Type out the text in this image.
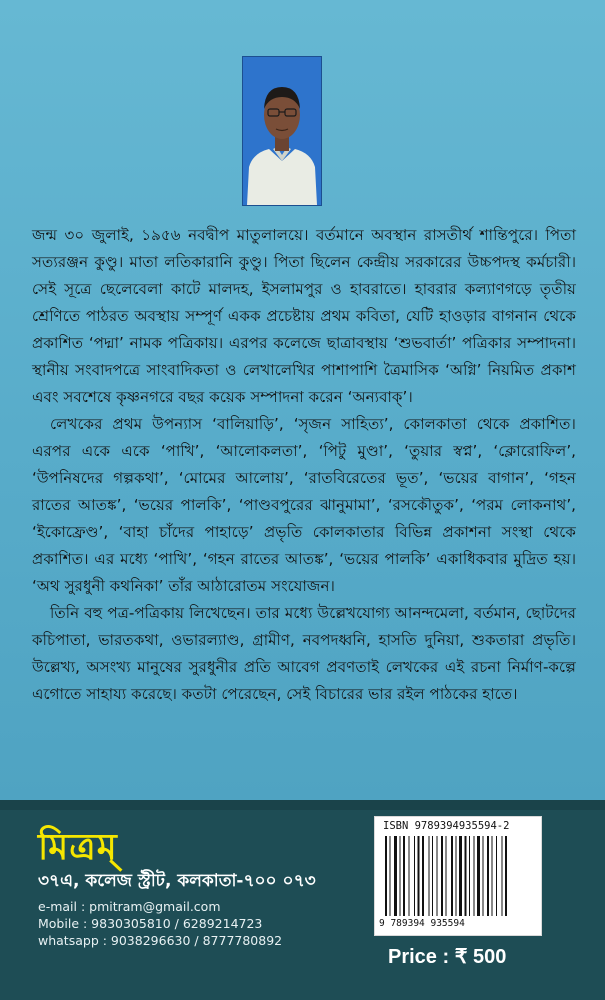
জন্ম ৩০ জুলাই, ১৯৫৬ নবদ্বীপ মাতুলালয়ে। বর্তমানে অবস্থান রাসতীর্থ শান্তিপুরে। পিতা সত্যরঞ্জন কুণ্ডু। মাতা লতিকারানি কুণ্ডু। পিতা ছিলেন কেন্দ্রীয় সরকারের উচ্চপদস্থ কর্মচারী। সেই সূত্রে ছেলেবেলা কাটে মালদহ, ইসলামপুর ও হাবরাতে। হাবরার কল্যাণগড়ে তৃতীয় শ্রেণিতে পাঠরত অবস্থায় সম্পূর্ণ একক প্রচেষ্টায় প্রথম কবিতা, যেটি হাওড়ার বাগনান থেকে প্রকাশিত ‘পদ্মা’ নামক পত্রিকায়। এরপর কলেজে ছাত্রাবস্থায় ‘শুভবার্তা’ পত্রিকার সম্পাদনা। স্থানীয় সংবাদপত্রে সাংবাদিকতা ও লেখালেখির পাশাপাশি ত্রৈমাসিক ‘অগ্নি’ নিয়মিত প্রকাশ এবং সবশেষে কৃষ্ণনগরে বছর কয়েক সম্পাদনা করেন ‘অন্যবাক্’।

লেখকের প্রথম উপন্যাস ‘বালিয়াড়ি’, ‘সৃজন সাহিত্য’, কোলকাতা থেকে প্রকাশিত। এরপর একে একে ‘পাখি’, ‘আলোকলতা’, ‘পিটু মুণ্ডা’, ‘তুয়ার স্বপ্ন’, ‘ক্লোরোফিল’, ‘উপনিষদের গল্পকথা’, ‘মোমের আলোয়’, ‘রাতবিরেতের ভূত’, ‘ভয়ের বাগান’, ‘গহন রাতের আতঙ্ক’, ‘ভয়ের পালকি’, ‘পাণ্ডবপুরের ঝানুমামা’, ‘রসকৌতুক’, ‘পরম লোকনাথ’, ‘ইকোফ্রেণ্ড’, ‘বাহা চাঁদের পাহাড়ে’ প্রভৃতি কোলকাতার বিভিন্ন প্রকাশনা সংস্থা থেকে প্রকাশিত। এর মধ্যে ‘পাখি’, ‘গহন রাতের আতঙ্ক’, ‘ভয়ের পালকি’ একাধিকবার মুদ্রিত হয়। ‘অথ সুরধুনী কথনিকা’ তাঁর আঠারোতম সংযোজন।

তিনি বহু পত্র-পত্রিকায় লিখেছেন। তার মধ্যে উল্লেখযোগ্য আনন্দমেলা, বর্তমান, ছোটদের কচিপাতা, ভারতকথা, ওভারল্যাণ্ড, গ্রামীণ, নবপদধ্বনি, হাসতি দুনিয়া, শুকতারা প্রভৃতি। উল্লেখ্য, অসংখ্য মানুষের সুরধুনীর প্রতি আবেগ প্রবণতাই লেখকের এই রচনা নির্মাণ-কল্পে এগোতে সাহায্য করেছে। কতটা পেরেছেন, সেই বিচারের ভার রইল পাঠকের হাতে।

মিত্রম্
৩৭এ, কলেজ স্ট্রীট, কলকাতা-৭০০ ০৭৩
e-mail : pmitram@gmail.com
Mobile : 9830305810 / 6289214723
whatsapp : 9038296630 / 8777780892
ISBN 9789394935594-2
9 789394 935594
Price : ₹ 500
